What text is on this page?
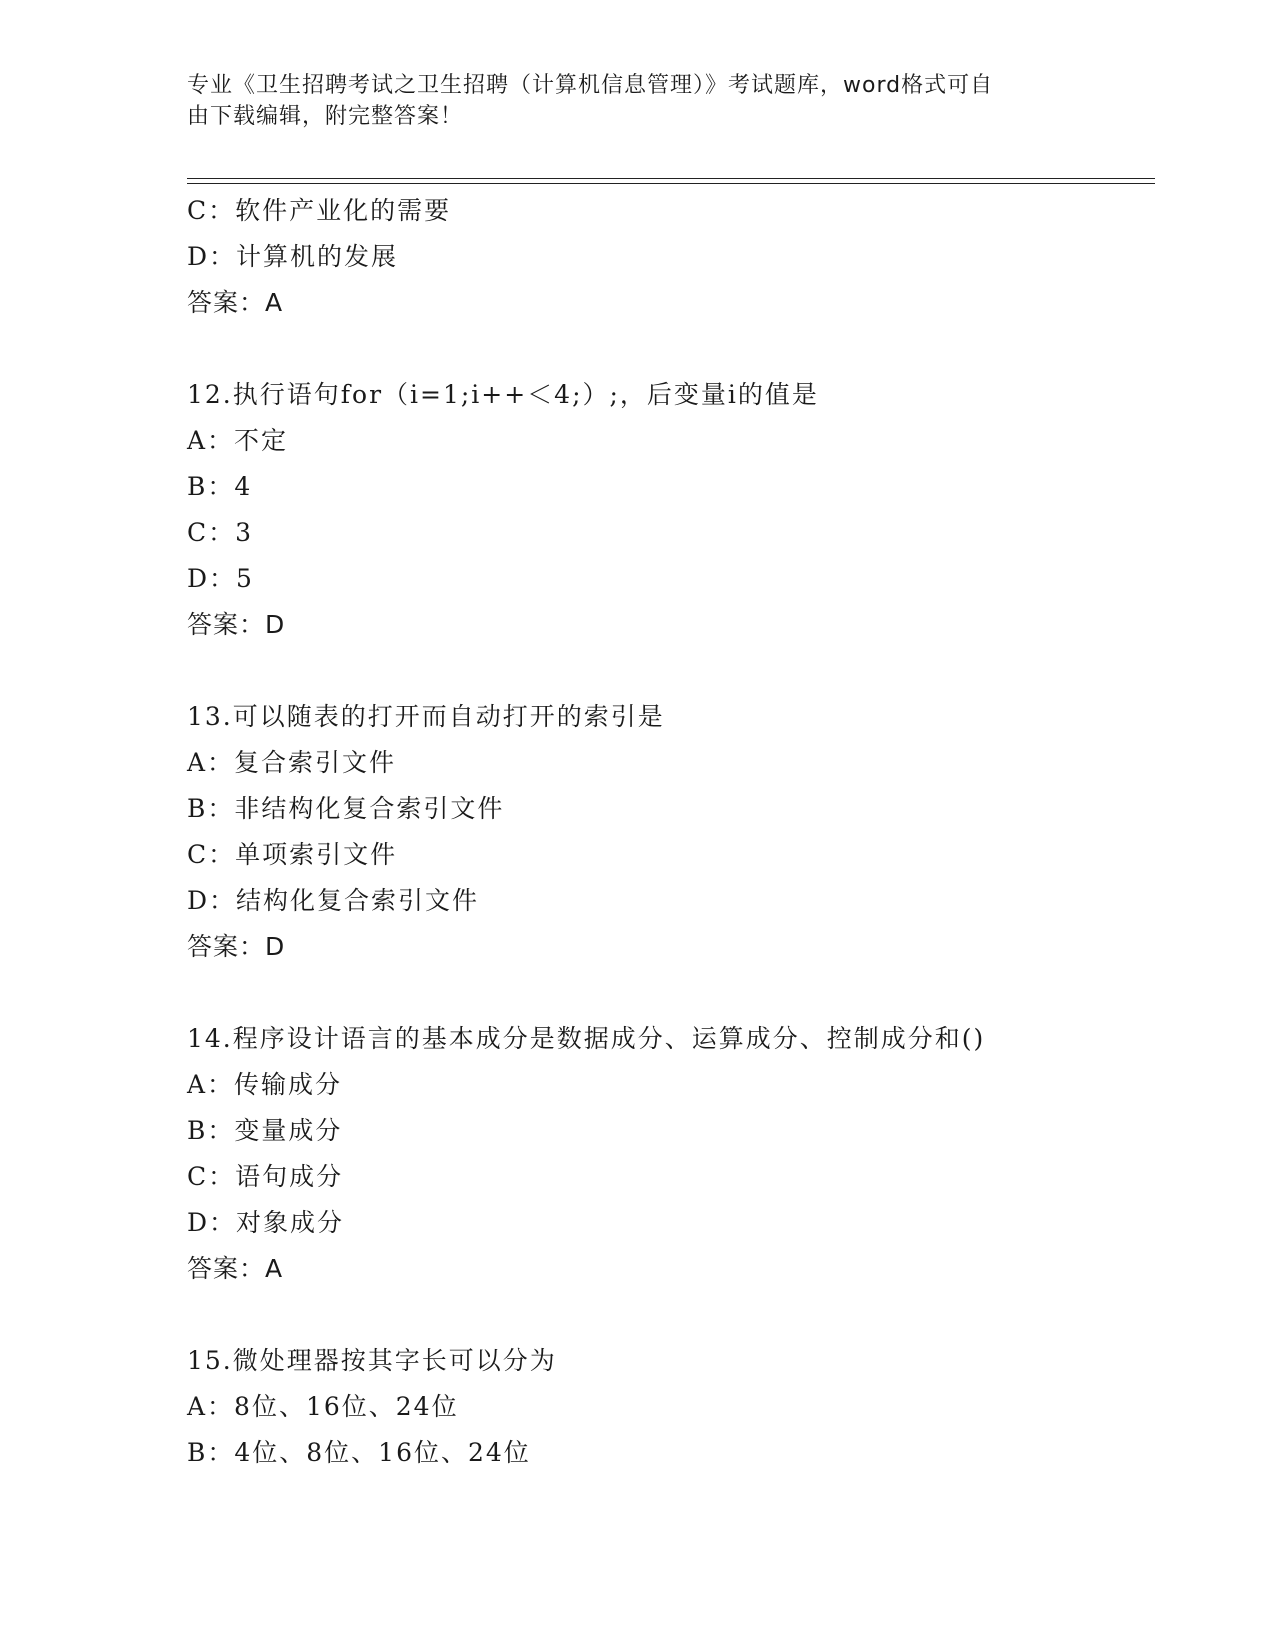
专业《卫生招聘考试之卫生招聘（计算机信息管理）》考试题库，word格式可自
由下载编辑，附完整答案！
C：软件产业化的需要
D：计算机的发展
答案：A
12.执行语句for（i=1;i++＜4;）;，后变量i的值是
A：不定
B：4
C：3
D：5
答案：D
13.可以随表的打开而自动打开的索引是
A：复合索引文件
B：非结构化复合索引文件
C：单项索引文件
D：结构化复合索引文件
答案：D
14.程序设计语言的基本成分是数据成分、运算成分、控制成分和()
A：传输成分
B：变量成分
C：语句成分
D：对象成分
答案：A
15.微处理器按其字长可以分为
A：8位、16位、24位
B：4位、8位、16位、24位
